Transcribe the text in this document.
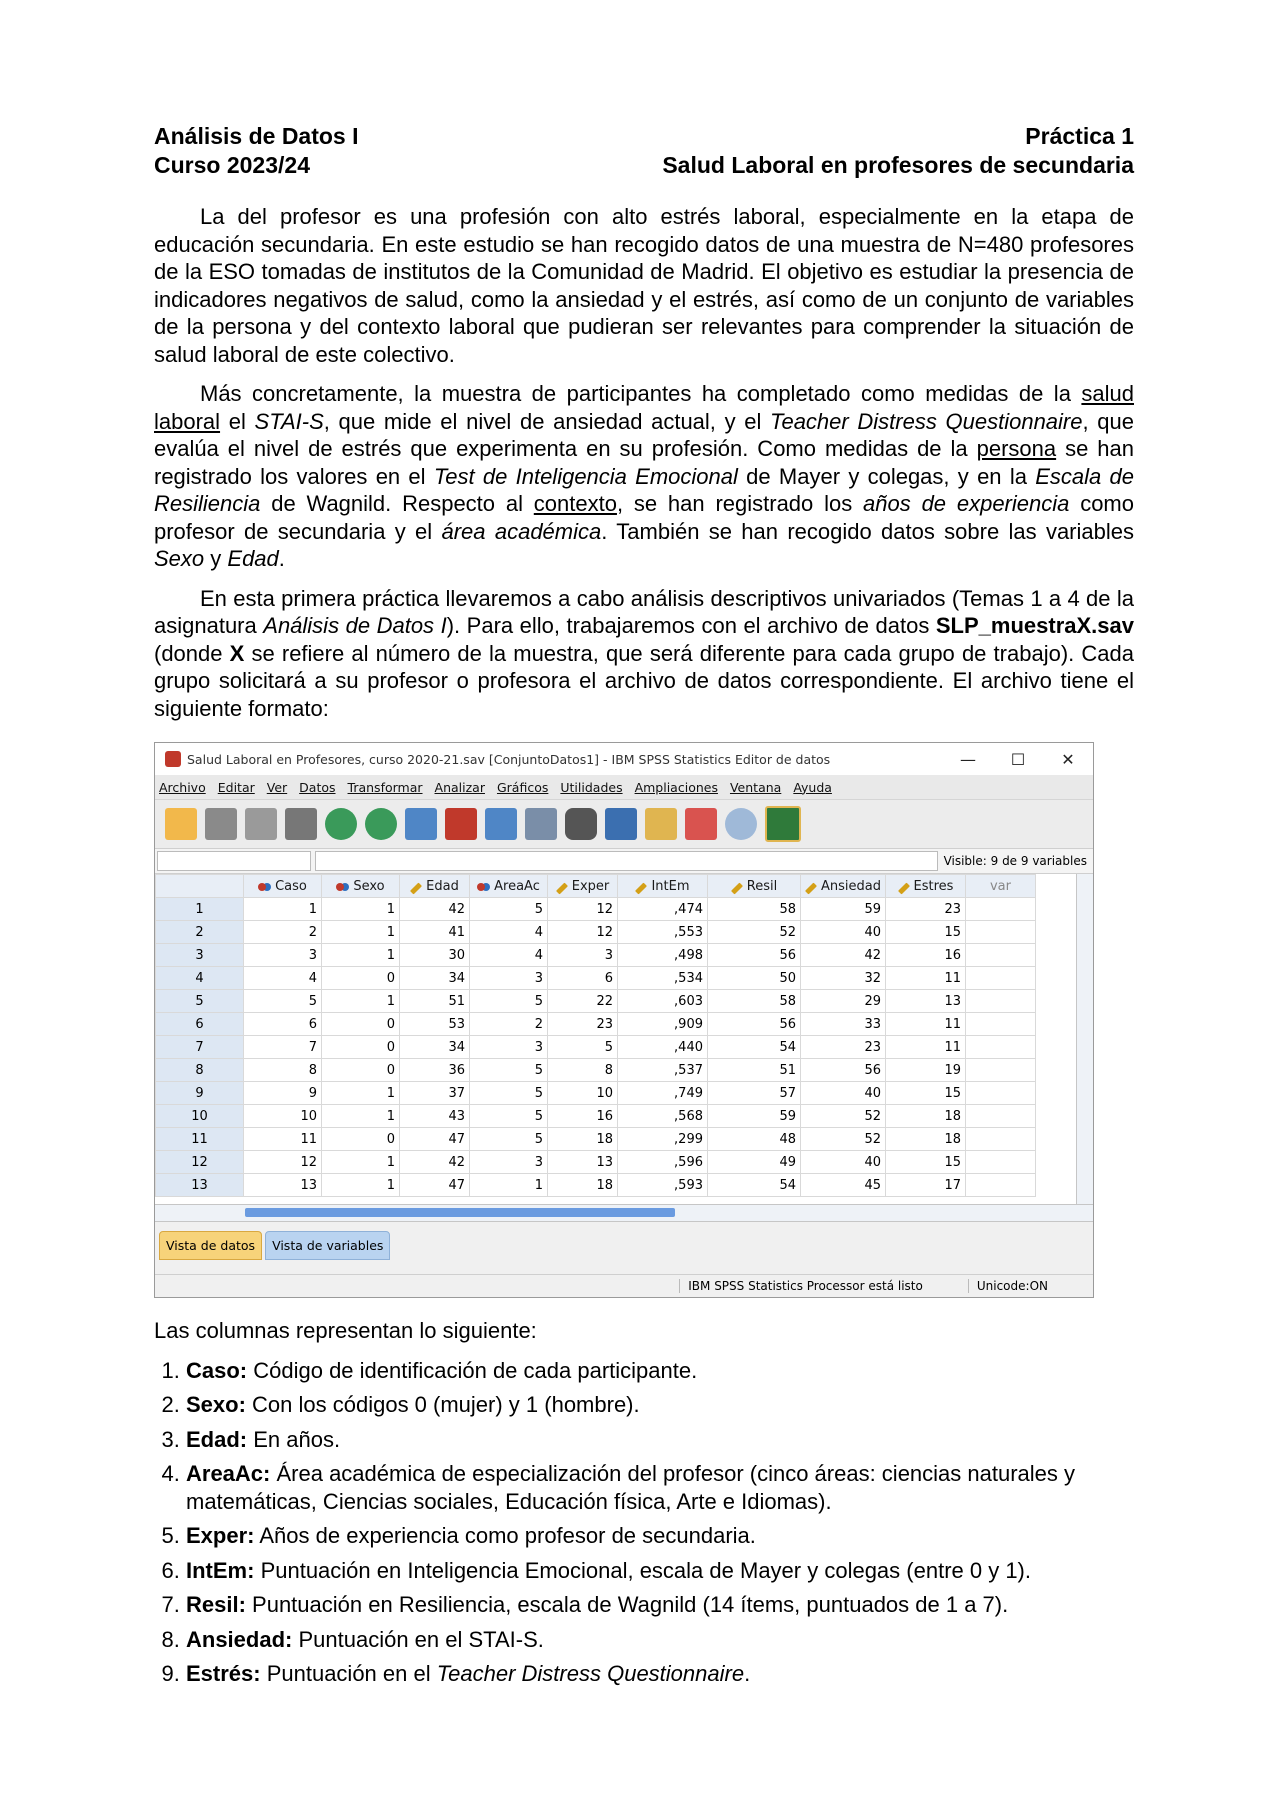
Análisis de Datos I	Práctica 1
Curso 2023/24	Salud Laboral en profesores de secundaria

La del profesor es una profesión con alto estrés laboral, especialmente en la etapa de educación secundaria. En este estudio se han recogido datos de una muestra de N=480 profesores de la ESO tomadas de institutos de la Comunidad de Madrid. El objetivo es estudiar la presencia de indicadores negativos de salud, como la ansiedad y el estrés, así como de un conjunto de variables de la persona y del contexto laboral que pudieran ser relevantes para comprender la situación de salud laboral de este colectivo.

Más concretamente, la muestra de participantes ha completado como medidas de la salud laboral el STAI-S, que mide el nivel de ansiedad actual, y el Teacher Distress Questionnaire, que evalúa el nivel de estrés que experimenta en su profesión. Como medidas de la persona se han registrado los valores en el Test de Inteligencia Emocional de Mayer y colegas, y en la Escala de Resiliencia de Wagnild. Respecto al contexto, se han registrado los años de experiencia como profesor de secundaria y el área académica. También se han recogido datos sobre las variables Sexo y Edad.

En esta primera práctica llevaremos a cabo análisis descriptivos univariados (Temas 1 a 4 de la asignatura Análisis de Datos I). Para ello, trabajaremos con el archivo de datos SLP_muestraX.sav (donde X se refiere al número de la muestra, que será diferente para cada grupo de trabajo). Cada grupo solicitará a su profesor o profesora el archivo de datos correspondiente. El archivo tiene el siguiente formato:

Salud Laboral en Profesores, curso 2020-21.sav [ConjuntoDatos1] - IBM SPSS Statistics Editor de datos	—	☐	✕
Archivo Editar Ver Datos Transformar Analizar Gráficos Utilidades Ampliaciones Ventana Ayuda
Visible: 9 de 9 variables
	Caso	Sexo	Edad	AreaAc	Exper	IntEm	Resil	Ansiedad	Estres	var
1	1	1	42	5	12	,474	58	59	23	
2	2	1	41	4	12	,553	52	40	15	
3	3	1	30	4	3	,498	56	42	16	
4	4	0	34	3	6	,534	50	32	11	
5	5	1	51	5	22	,603	58	29	13	
6	6	0	53	2	23	,909	56	33	11	
7	7	0	34	3	5	,440	54	23	11	
8	8	0	36	5	8	,537	51	56	19	
9	9	1	37	5	10	,749	57	40	15	
10	10	1	43	5	16	,568	59	52	18	
11	11	0	47	5	18	,299	48	52	18	
12	12	1	42	3	13	,596	49	40	15	
13	13	1	47	1	18	,593	54	45	17	
Vista de datos	Vista de variables
IBM SPSS Statistics Processor está listo	Unicode:ON
Las columnas representan lo siguiente:
1. Caso: Código de identificación de cada participante.
2. Sexo: Con los códigos 0 (mujer) y 1 (hombre).
3. Edad: En años.
4. AreaAc: Área académica de especialización del profesor (cinco áreas: ciencias naturales y matemáticas, Ciencias sociales, Educación física, Arte e Idiomas).
5. Exper: Años de experiencia como profesor de secundaria.
6. IntEm: Puntuación en Inteligencia Emocional, escala de Mayer y colegas (entre 0 y 1).
7. Resil: Puntuación en Resiliencia, escala de Wagnild (14 ítems, puntuados de 1 a 7).
8. Ansiedad: Puntuación en el STAI-S.
9. Estrés: Puntuación en el Teacher Distress Questionnaire.
